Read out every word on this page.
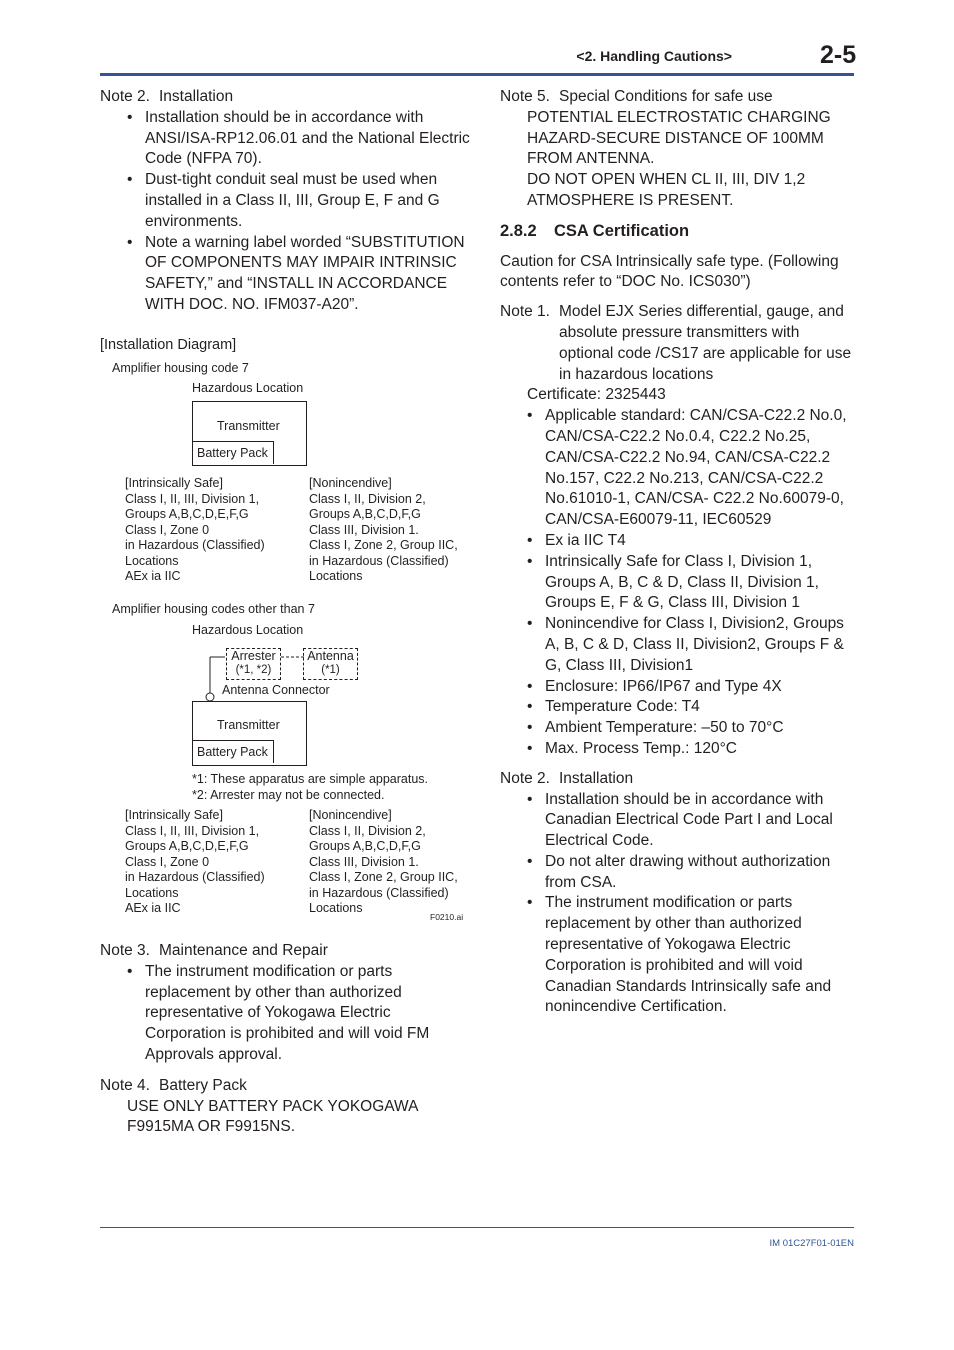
<2. Handling Cautions>	2-5
Note 2. Installation
• Installation should be in accordance with ANSI/ISA-RP12.06.01 and the National Electric Code (NFPA 70).
• Dust-tight conduit seal must be used when installed in a Class II, III, Group E, F and G environments.
• Note a warning label worded “SUBSTITUTION OF COMPONENTS MAY IMPAIR INTRINSIC SAFETY,” and “INSTALL IN ACCORDANCE WITH DOC. NO. IFM037-A20”.
[Installation Diagram]
Amplifier housing code 7
Hazardous Location
Transmitter
Battery Pack
[Intrinsically Safe]
Class I, II, III, Division 1,
Groups A,B,C,D,E,F,G
Class I, Zone 0
in Hazardous (Classified)
Locations
AEx ia IIC
[Nonincendive]
Class I, II, Division 2,
Groups A,B,C,D,F,G
Class III, Division 1.
Class I, Zone 2, Group IIC,
in Hazardous (Classified)
Locations
Amplifier housing codes other than 7
Hazardous Location
Arrester
(*1, *2)
Antenna
(*1)
Antenna Connector
Transmitter
Battery Pack
*1: These apparatus are simple apparatus.
*2: Arrester may not be connected.
[Intrinsically Safe]
Class I, II, III, Division 1,
Groups A,B,C,D,E,F,G
Class I, Zone 0
in Hazardous (Classified)
Locations
AEx ia IIC
[Nonincendive]
Class I, II, Division 2,
Groups A,B,C,D,F,G
Class III, Division 1.
Class I, Zone 2, Group IIC,
in Hazardous (Classified)
Locations
F0210.ai
Note 3. Maintenance and Repair
• The instrument modification or parts replacement by other than authorized representative of Yokogawa Electric Corporation is prohibited and will void FM Approvals approval.
Note 4. Battery Pack

USE ONLY BATTERY PACK YOKOGAWA

F9915MA OR F9915NS.

Note 5. Special Conditions for safe use

POTENTIAL ELECTROSTATIC CHARGING

HAZARD-SECURE DISTANCE OF 100MM

FROM ANTENNA.

DO NOT OPEN WHEN CL II, III, DIV 1,2

ATMOSPHERE IS PRESENT.

2.8.2	CSA Certification

Caution for CSA Intrinsically safe type. (Following contents refer to “DOC No. ICS030”)

Note 1. Model EJX Series differential, gauge, and absolute pressure transmitters with optional code /CS17 are applicable for use in hazardous locations

Certificate: 2325443

• Applicable standard: CAN/CSA-C22.2 No.0, CAN/CSA-C22.2 No.0.4, C22.2 No.25, CAN/CSA-C22.2 No.94, CAN/CSA-C22.2 No.157, C22.2 No.213, CAN/CSA-C22.2 No.61010-1, CAN/CSA- C22.2 No.60079-0, CAN/CSA-E60079-11, IEC60529
• Ex ia IIC T4
• Intrinsically Safe for Class I, Division 1, Groups A, B, C & D, Class II, Division 1, Groups E, F & G, Class III, Division 1
• Nonincendive for Class I, Division2, Groups A, B, C & D, Class II, Division2, Groups F & G, Class III, Division1
• Enclosure: IP66/IP67 and Type 4X
• Temperature Code: T4
• Ambient Temperature: –50 to 70°C
• Max. Process Temp.: 120°C
Note 2. Installation
• Installation should be in accordance with Canadian Electrical Code Part I and Local Electrical Code.
• Do not alter drawing without authorization from CSA.
• The instrument modification or parts replacement by other than authorized representative of Yokogawa Electric Corporation is prohibited and will void Canadian Standards Intrinsically safe and nonincendive Certification.
IM 01C27F01-01EN
